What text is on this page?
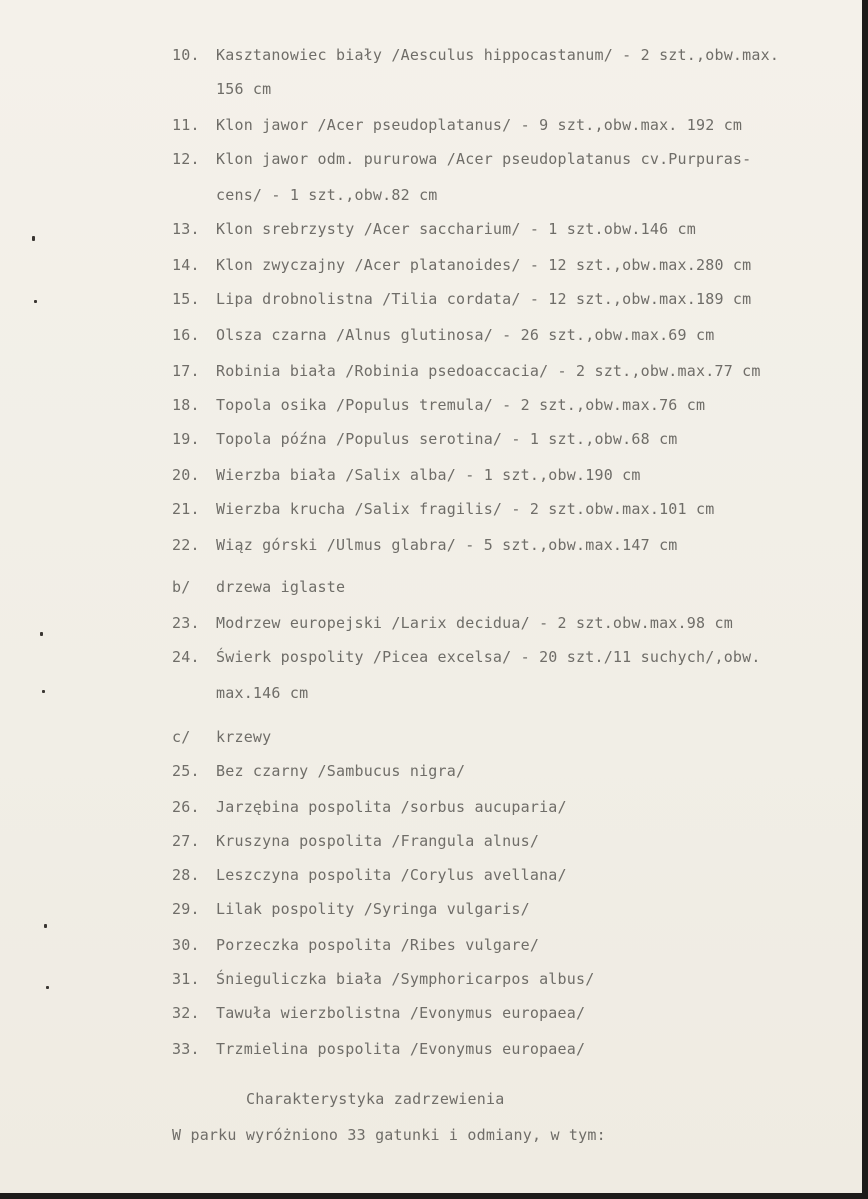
10. Kasztanowiec biały /Aesculus hippocastanum/ - 2 szt.,obw.max.
156 cm
11. Klon jawor /Acer pseudoplatanus/ - 9 szt.,obw.max. 192 cm
12. Klon jawor odm. pururowa /Acer pseudoplatanus cv.Purpuras-
cens/ - 1 szt.,obw.82 cm
13. Klon srebrzysty /Acer saccharium/ - 1 szt.obw.146 cm
14. Klon zwyczajny /Acer platanoides/ - 12 szt.,obw.max.280 cm
15. Lipa drobnolistna /Tilia cordata/ - 12 szt.,obw.max.189 cm
16. Olsza czarna /Alnus glutinosa/ - 26 szt.,obw.max.69 cm
17. Robinia biała /Robinia psedoaccacia/ - 2 szt.,obw.max.77 cm
18. Topola osika /Populus tremula/ - 2 szt.,obw.max.76 cm
19. Topola późna /Populus serotina/ - 1 szt.,obw.68 cm
20. Wierzba biała /Salix alba/ - 1 szt.,obw.190 cm
21. Wierzba krucha /Salix fragilis/ - 2 szt.obw.max.101 cm
22. Wiąz górski /Ulmus glabra/ - 5 szt.,obw.max.147 cm
b/ drzewa iglaste
23. Modrzew europejski /Larix decidua/ - 2 szt.obw.max.98 cm
24. Świerk pospolity /Picea excelsa/ - 20 szt./11 suchych/,obw.
max.146 cm
c/ krzewy
25. Bez czarny /Sambucus nigra/
26. Jarzębina pospolita /sorbus aucuparia/
27. Kruszyna pospolita /Frangula alnus/
28. Leszczyna pospolita /Corylus avellana/
29. Lilak pospolity /Syringa vulgaris/
30. Porzeczka pospolita /Ribes vulgare/
31. Śnieguliczka biała /Symphoricarpos albus/
32. Tawuła wierzbolistna /Evonymus europaea/
33. Trzmielina pospolita /Evonymus europaea/
Charakterystyka zadrzewienia
W parku wyróżniono 33 gatunki i odmiany, w tym:
